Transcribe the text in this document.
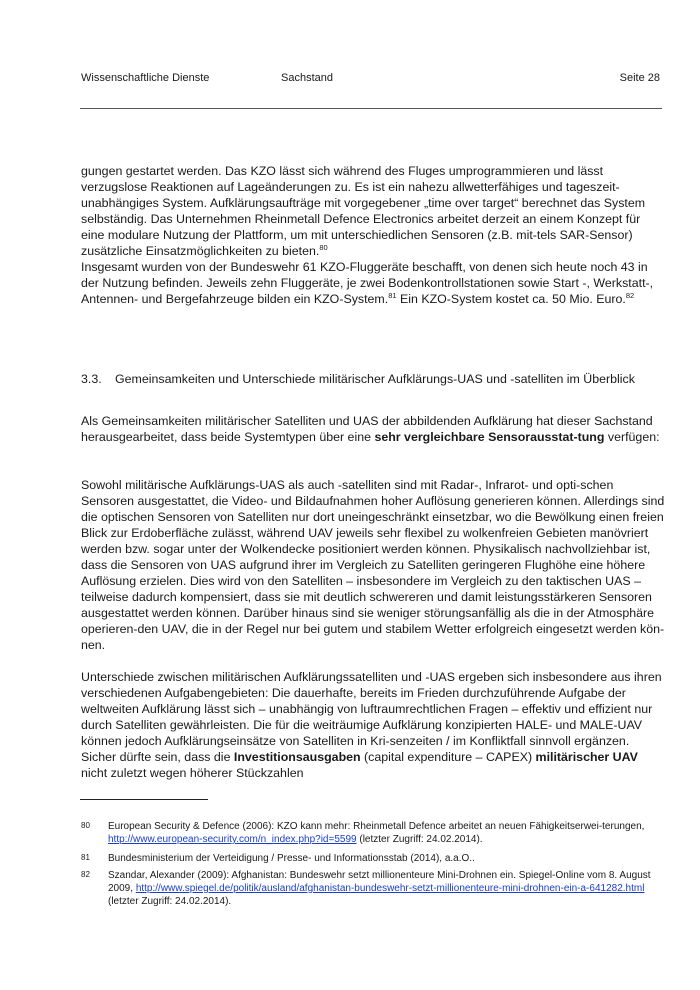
Wissenschaftliche Dienste	Sachstand	Seite 28

gungen gestartet werden. Das KZO lässt sich während des Fluges umprogrammieren und lässt verzugslose Reaktionen auf Lageänderungen zu. Es ist ein nahezu allwetterfähiges und tageszeit-unabhängiges System. Aufklärungsaufträge mit vorgegebener „time over target“ berechnet das System selbständig. Das Unternehmen Rheinmetall Defence Electronics arbeitet derzeit an einem Konzept für eine modulare Nutzung der Plattform, um mit unterschiedlichen Sensoren (z.B. mit-tels SAR-Sensor) zusätzliche Einsatzmöglichkeiten zu bieten.$^{80}$

Insgesamt wurden von der Bundeswehr 61 KZO-Fluggeräte beschafft, von denen sich heute noch 43 in der Nutzung befinden. Jeweils zehn Fluggeräte, je zwei Bodenkontrollstationen sowie Start -, Werkstatt-, Antennen- und Bergefahrzeuge bilden ein KZO-System.$^{81}$ Ein KZO-System kostet ca. 50 Mio. Euro.$^{82}$

3.3. Gemeinsamkeiten und Unterschiede militärischer Aufklärungs-UAS und -satelliten im Überblick

Als Gemeinsamkeiten militärischer Satelliten und UAS der abbildenden Aufklärung hat dieser Sachstand herausgearbeitet, dass beide Systemtypen über eine sehr vergleichbare Sensorausstat-tung verfügen:

Sowohl militärische Aufklärungs-UAS als auch -satelliten sind mit Radar-, Infrarot- und opti-schen Sensoren ausgestattet, die Video- und Bildaufnahmen hoher Auflösung generieren können. Allerdings sind die optischen Sensoren von Satelliten nur dort uneingeschränkt einsetzbar, wo die Bewölkung einen freien Blick zur Erdoberfläche zulässt, während UAV jeweils sehr flexibel zu wolkenfreien Gebieten manövriert werden bzw. sogar unter der Wolkendecke positioniert werden können. Physikalisch nachvollziehbar ist, dass die Sensoren von UAS aufgrund ihrer im Vergleich zu Satelliten geringeren Flughöhe eine höhere Auflösung erzielen. Dies wird von den Satelliten – insbesondere im Vergleich zu den taktischen UAS – teilweise dadurch kompensiert, dass sie mit deutlich schwereren und damit leistungsstärkeren Sensoren ausgestattet werden können. Darüber hinaus sind sie weniger störungsanfällig als die in der Atmosphäre operieren-den UAV, die in der Regel nur bei gutem und stabilem Wetter erfolgreich eingesetzt werden kön-nen.

Unterschiede zwischen militärischen Aufklärungssatelliten und -UAS ergeben sich insbesondere aus ihren verschiedenen Aufgabengebieten: Die dauerhafte, bereits im Frieden durchzuführende Aufgabe der weltweiten Aufklärung lässt sich – unabhängig von luftraumrechtlichen Fragen – effektiv und effizient nur durch Satelliten gewährleisten. Die für die weiträumige Aufklärung konzipierten HALE- und MALE-UAV können jedoch Aufklärungseinsätze von Satelliten in Kri-senzeiten / im Konfliktfall sinnvoll ergänzen. Sicher dürfte sein, dass die Investitionsausgaben (capital expenditure – CAPEX) militärischer UAV nicht zuletzt wegen höherer Stückzahlen

80 European Security & Defence (2006): KZO kann mehr: Rheinmetall Defence arbeitet an neuen Fähigkeitserwei-terungen, http://www.european-security.com/n_index.php?id=5599 (letzter Zugriff: 24.02.2014).
81 Bundesministerium der Verteidigung / Presse- und Informationsstab (2014), a.a.O..
82 Szandar, Alexander (2009): Afghanistan: Bundeswehr setzt millionenteure Mini-Drohnen ein. Spiegel-Online vom 8. August 2009, http://www.spiegel.de/politik/ausland/afghanistan-bundeswehr-setzt-millionenteure-mini-drohnen-ein-a-641282.html (letzter Zugriff: 24.02.2014).
